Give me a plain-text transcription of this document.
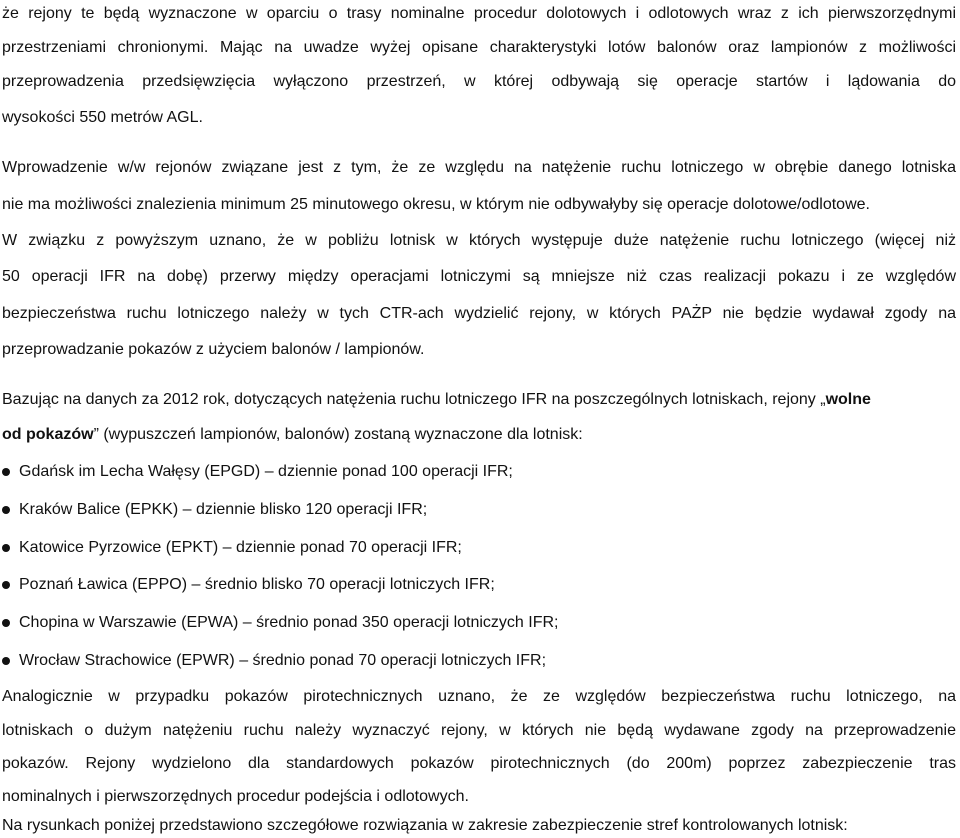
że rejony te będą wyznaczone w oparciu o trasy nominalne procedur dolotowych i odlotowych wraz z ich pierwszorzędnymi
przestrzeniami chronionymi. Mając na uwadze wyżej opisane charakterystyki lotów balonów oraz lampionów z możliwości
przeprowadzenia przedsięwzięcia wyłączono przestrzeń, w której odbywają się operacje startów i lądowania do
wysokości 550 metrów AGL.
Wprowadzenie w/w rejonów związane jest z tym, że ze względu na natężenie ruchu lotniczego w obrębie danego lotniska
nie ma możliwości znalezienia minimum 25 minutowego okresu, w którym nie odbywałyby się operacje dolotowe/odlotowe.
W związku z powyższym uznano, że w pobliżu lotnisk w których występuje duże natężenie ruchu lotniczego (więcej niż
50 operacji IFR na dobę) przerwy między operacjami lotniczymi są mniejsze niż czas realizacji pokazu i ze względów
bezpieczeństwa ruchu lotniczego należy w tych CTR-ach wydzielić rejony, w których PAŻP nie będzie wydawał zgody na
przeprowadzanie pokazów z użyciem balonów / lampionów.
Bazując na danych za 2012 rok, dotyczących natężenia ruchu lotniczego IFR na poszczególnych lotniskach, rejony „wolne
od pokazów” (wypuszczeń lampionów, balonów) zostaną wyznaczone dla lotnisk:
Gdańsk im Lecha Wałęsy (EPGD) – dziennie ponad 100 operacji IFR;
Kraków Balice (EPKK) – dziennie blisko 120 operacji IFR;
Katowice Pyrzowice (EPKT) – dziennie ponad 70 operacji IFR;
Poznań Ławica (EPPO) – średnio blisko 70 operacji lotniczych IFR;
Chopina w Warszawie (EPWA) – średnio ponad 350 operacji lotniczych IFR;
Wrocław Strachowice (EPWR) – średnio ponad 70 operacji lotniczych IFR;
Analogicznie w przypadku pokazów pirotechnicznych uznano, że ze względów bezpieczeństwa ruchu lotniczego, na
lotniskach o dużym natężeniu ruchu należy wyznaczyć rejony, w których nie będą wydawane zgody na przeprowadzenie
pokazów. Rejony wydzielono dla standardowych pokazów pirotechnicznych (do 200m) poprzez zabezpieczenie tras
nominalnych i pierwszorzędnych procedur podejścia i odlotowych.
Na rysunkach poniżej przedstawiono szczegółowe rozwiązania w zakresie zabezpieczenie stref kontrolowanych lotnisk:
